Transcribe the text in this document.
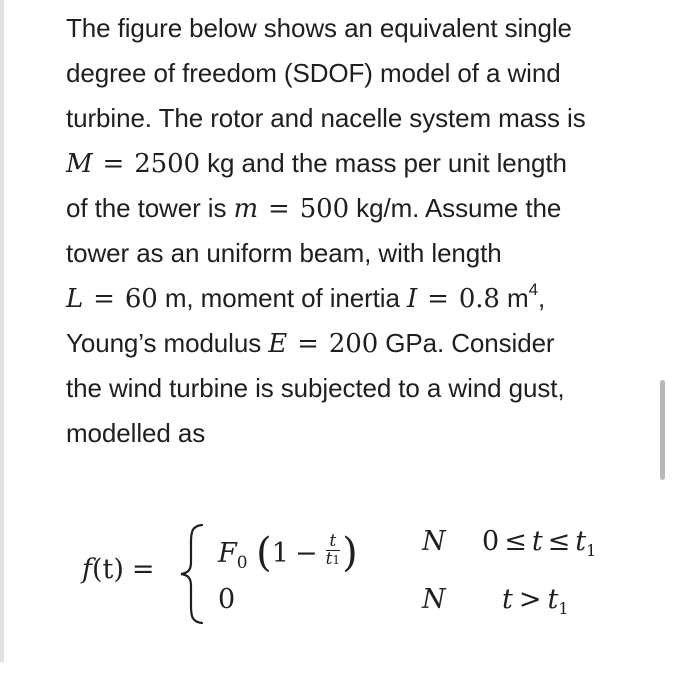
The figure below shows an equivalent single
degree of freedom (SDOF) model of a wind
turbine. The rotor and nacelle system mass is
M = 2500 kg and the mass per unit length
of the tower is m = 500 kg/m. Assume the
tower as an uniform beam, with length
L = 60 m, moment of inertia I = 0.8 $m^4$,
Young’s modulus E = 200 GPa. Consider
the wind turbine is subjected to a wind gust,
modelled as
f(t) =
$F_0$ ($1 - \frac{t}{t1}$ ) N $0 \le t \le t_1$
0	N $t > t_1$
